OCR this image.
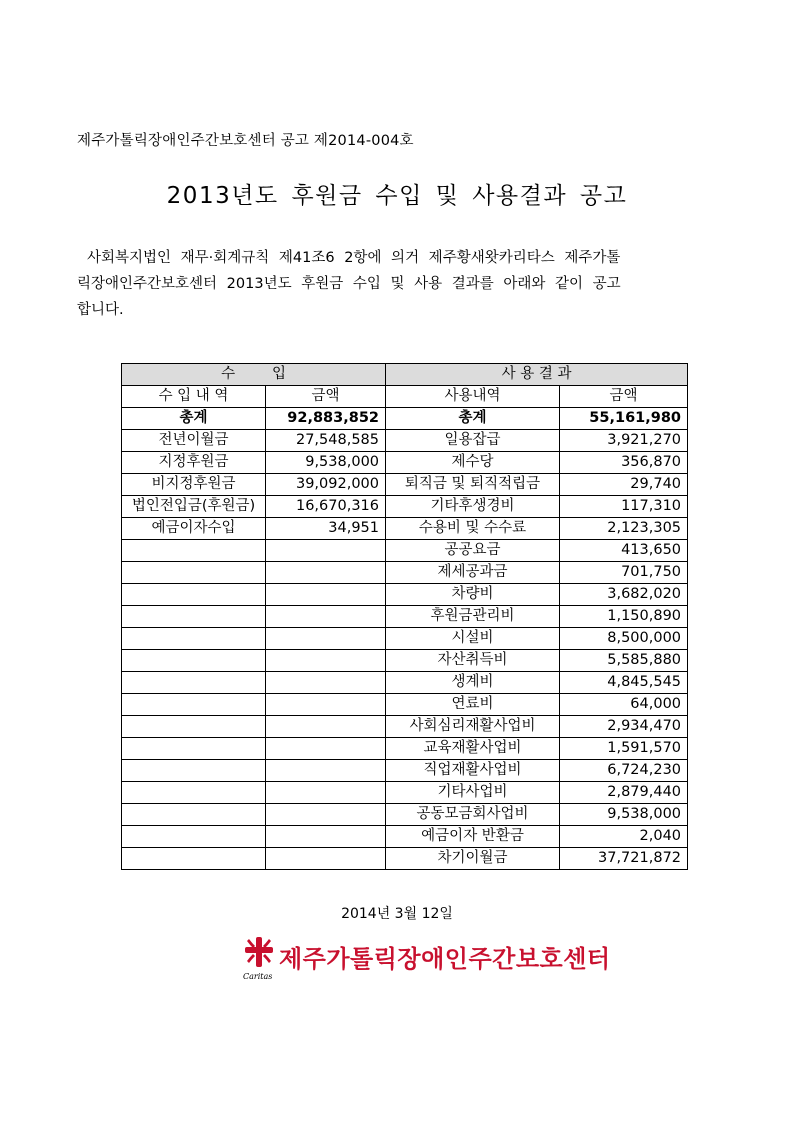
제주가톨릭장애인주간보호센터 공고 제2014-004호
2013년도 후원금 수입 및 사용결과 공고
사회복지법인 재무·회계규칙 제41조6 2항에 의거 제주황새왓카리타스 제주가톨
릭장애인주간보호센터 2013년도 후원금 수입 및 사용 결과를 아래와 같이 공고
합니다.
수        입		사 용 결 과	
수 입 내 역	금액	사용내역	금액
총계	92,883,852	총계	55,161,980
전년이월금	27,548,585	일용잡급	3,921,270
지정후원금	9,538,000	제수당	356,870
비지정후원금	39,092,000	퇴직금 및 퇴직적립금	29,740
법인전입금(후원금)	16,670,316	기타후생경비	117,310
예금이자수입	34,951	수용비 및 수수료	2,123,305
		공공요금	413,650
		제세공과금	701,750
		차량비	3,682,020
		후원금관리비	1,150,890
		시설비	8,500,000
		자산취득비	5,585,880
		생계비	4,845,545
		연료비	64,000
		사회심리재활사업비	2,934,470
		교육재활사업비	1,591,570
		직업재활사업비	6,724,230
		기타사업비	2,879,440
		공동모금회사업비	9,538,000
		예금이자 반환금	2,040
		차기이월금	37,721,872
2014년 3월 12일
Caritas
제주가톨릭장애인주간보호센터
